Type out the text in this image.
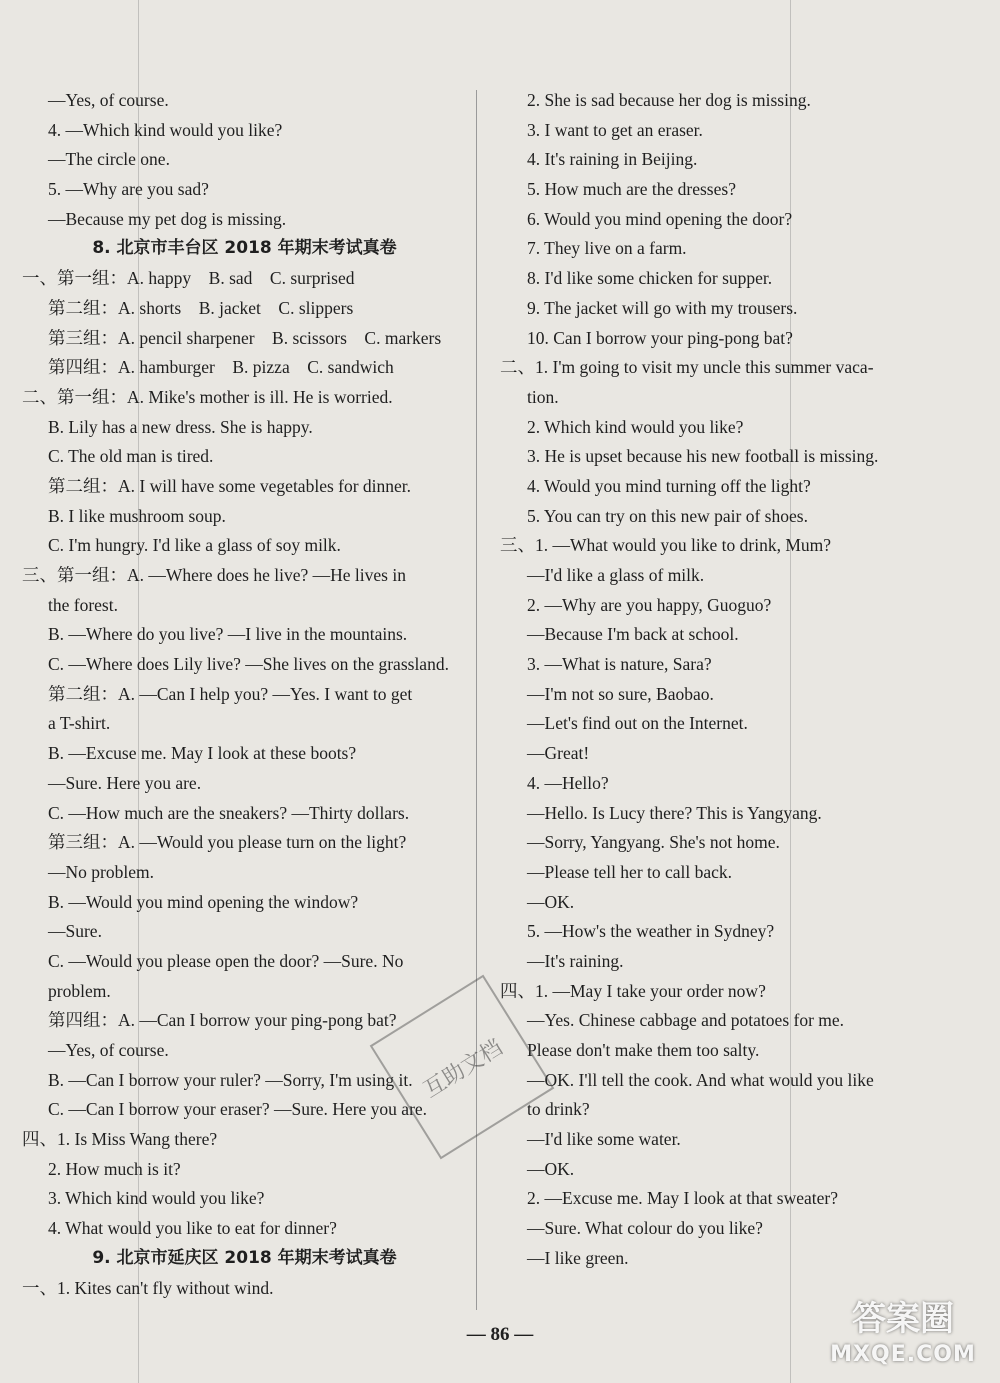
—Yes, of course.
4. —Which kind would you like?
—The circle one.
5. —Why are you sad?
—Because my pet dog is missing.
8. 北京市丰台区 2018 年期末考试真卷
一、第一组：A. happy　B. sad　C. surprised
第二组：A. shorts　B. jacket　C. slippers
第三组：A. pencil sharpener　B. scissors　C. markers
第四组：A. hamburger　B. pizza　C. sandwich
二、第一组：A. Mike's mother is ill. He is worried.
B. Lily has a new dress. She is happy.
C. The old man is tired.
第二组：A. I will have some vegetables for dinner.
B. I like mushroom soup.
C. I'm hungry. I'd like a glass of soy milk.
三、第一组：A. —Where does he live? —He lives in
the forest.
B. —Where do you live? —I live in the mountains.
C. —Where does Lily live? —She lives on the grassland.
第二组：A. —Can I help you? —Yes. I want to get
a T-shirt.
B. —Excuse me. May I look at these boots?
—Sure. Here you are.
C. —How much are the sneakers? —Thirty dollars.
第三组：A. —Would you please turn on the light?
—No problem.
B. —Would you mind opening the window?
—Sure.
C. —Would you please open the door? —Sure. No
problem.
第四组：A. —Can I borrow your ping-pong bat?
—Yes, of course.
B. —Can I borrow your ruler? —Sorry, I'm using it.
C. —Can I borrow your eraser? —Sure. Here you are.
四、1. Is Miss Wang there?
2. How much is it?
3. Which kind would you like?
4. What would you like to eat for dinner?
9. 北京市延庆区 2018 年期末考试真卷
一、1. Kites can't fly without wind.
2. She is sad because her dog is missing.
3. I want to get an eraser.
4. It's raining in Beijing.
5. How much are the dresses?
6. Would you mind opening the door?
7. They live on a farm.
8. I'd like some chicken for supper.
9. The jacket will go with my trousers.
10. Can I borrow your ping-pong bat?
二、1. I'm going to visit my uncle this summer vaca-
tion.
2. Which kind would you like?
3. He is upset because his new football is missing.
4. Would you mind turning off the light?
5. You can try on this new pair of shoes.
三、1. —What would you like to drink, Mum?
—I'd like a glass of milk.
2. —Why are you happy, Guoguo?
—Because I'm back at school.
3. —What is nature, Sara?
—I'm not so sure, Baobao.
—Let's find out on the Internet.
—Great!
4. —Hello?
—Hello. Is Lucy there? This is Yangyang.
—Sorry, Yangyang. She's not home.
—Please tell her to call back.
—OK.
5. —How's the weather in Sydney?
—It's raining.
四、1. —May I take your order now?
—Yes. Chinese cabbage and potatoes for me.
Please don't make them too salty.
—OK. I'll tell the cook. And what would you like
to drink?
—I'd like some water.
—OK.
2. —Excuse me. May I look at that sweater?
—Sure. What colour do you like?
—I like green.
— 86 —
互助文档
答案圈
MXQE.COM
